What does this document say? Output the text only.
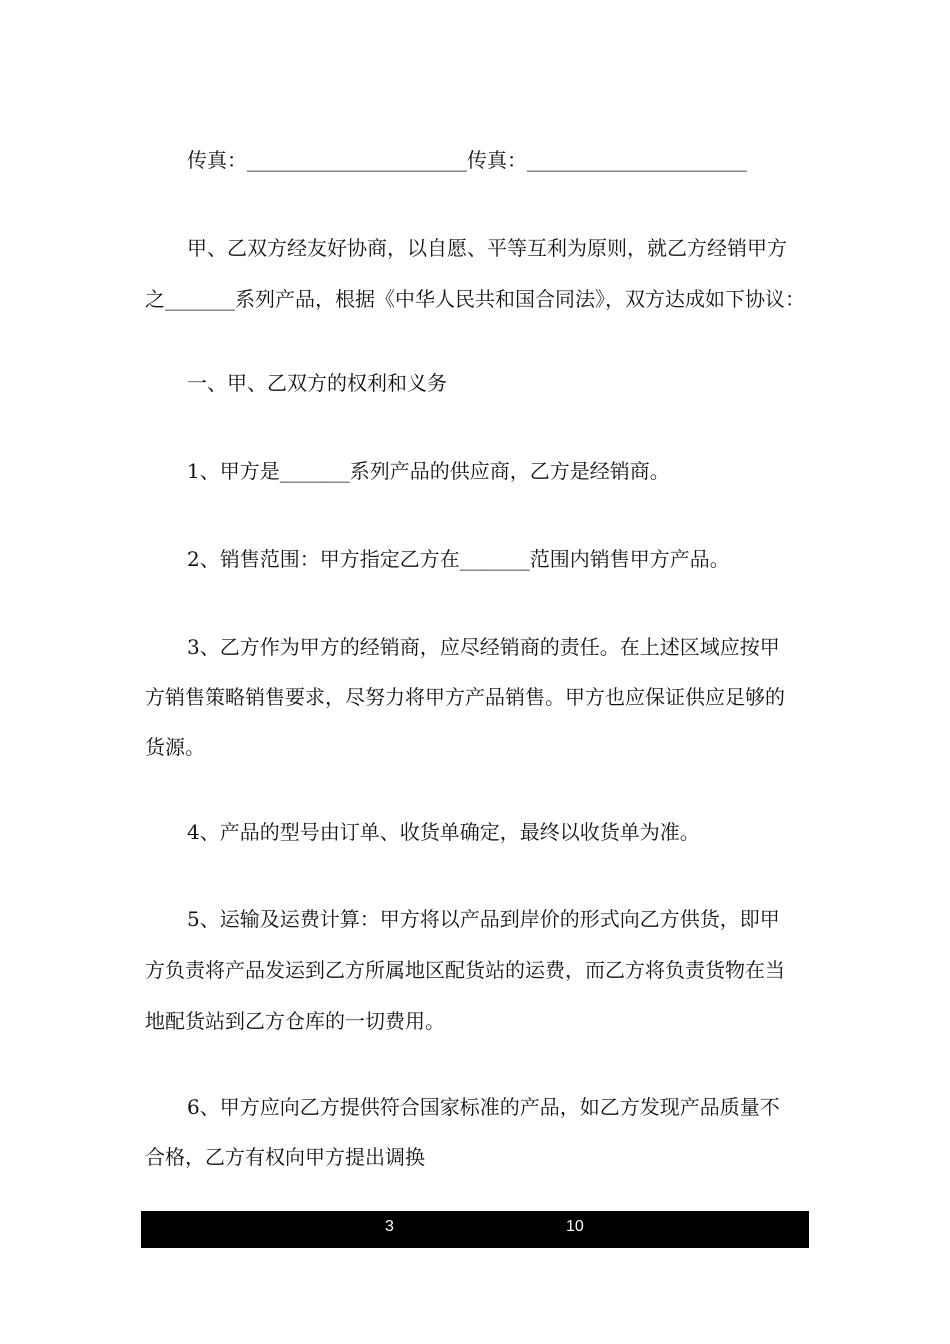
传真：______________________传真：______________________

甲、乙双方经友好协商，以自愿、平等互利为原则，就乙方经销甲方

之_______系列产品，根据《中华人民共和国合同法》，双方达成如下协议：

一、甲、乙双方的权利和义务

1、甲方是_______系列产品的供应商，乙方是经销商。

2、销售范围：甲方指定乙方在_______范围内销售甲方产品。

3、乙方作为甲方的经销商，应尽经销商的责任。在上述区域应按甲

方销售策略销售要求，尽努力将甲方产品销售。甲方也应保证供应足够的

货源。

4、产品的型号由订单、收货单确定，最终以收货单为准。

5、运输及运费计算：甲方将以产品到岸价的形式向乙方供货，即甲

方负责将产品发运到乙方所属地区配货站的运费，而乙方将负责货物在当

地配货站到乙方仓库的一切费用。

6、甲方应向乙方提供符合国家标准的产品，如乙方发现产品质量不

合格，乙方有权向甲方提出调换

3	10
